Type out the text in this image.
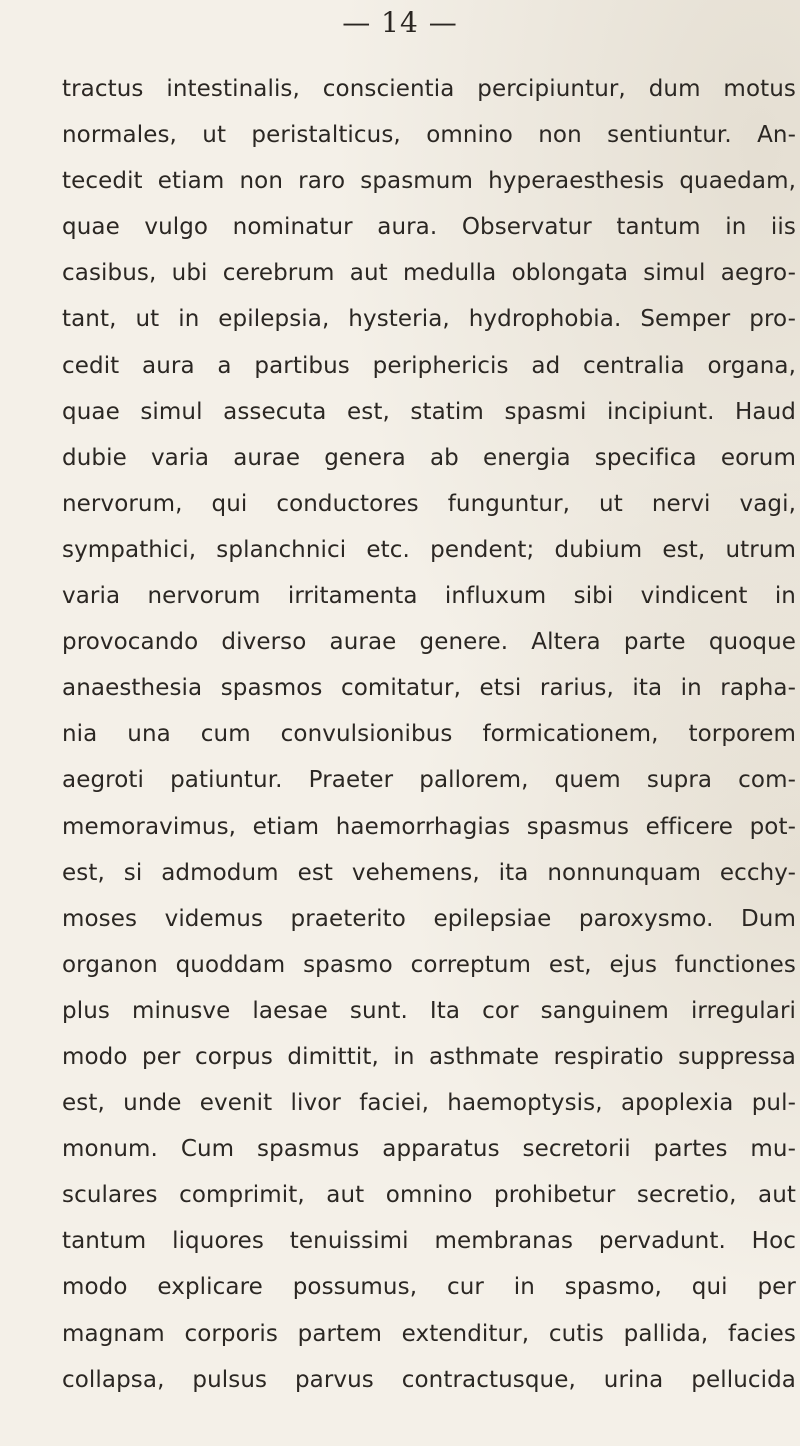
— 14 —
tractus intestinalis, conscientia percipiuntur, dum motus
normales, ut peristalticus, omnino non sentiuntur. An-
tecedit etiam non raro spasmum hyperaesthesis quaedam,
quae vulgo nominatur aura. Observatur tantum in iis
casibus, ubi cerebrum aut medulla oblongata simul aegro-
tant, ut in epilepsia, hysteria, hydrophobia. Semper pro-
cedit aura a partibus periphericis ad centralia organa,
quae simul assecuta est, statim spasmi incipiunt. Haud
dubie varia aurae genera ab energia specifica eorum
nervorum, qui conductores funguntur, ut nervi vagi,
sympathici, splanchnici etc. pendent; dubium est, utrum
varia nervorum irritamenta influxum sibi vindicent in
provocando diverso aurae genere. Altera parte quoque
anaesthesia spasmos comitatur, etsi rarius, ita in rapha-
nia una cum convulsionibus formicationem, torporem
aegroti patiuntur. Praeter pallorem, quem supra com-
memoravimus, etiam haemorrhagias spasmus efficere pot-
est, si admodum est vehemens, ita nonnunquam ecchy-
moses videmus praeterito epilepsiae paroxysmo. Dum
organon quoddam spasmo correptum est, ejus functiones
plus minusve laesae sunt. Ita cor sanguinem irregulari
modo per corpus dimittit, in asthmate respiratio suppressa
est, unde evenit livor faciei, haemoptysis, apoplexia pul-
monum. Cum spasmus apparatus secretorii partes mu-
sculares comprimit, aut omnino prohibetur secretio, aut
tantum liquores tenuissimi membranas pervadunt. Hoc
modo explicare possumus, cur in spasmo, qui per
magnam corporis partem extenditur, cutis pallida, facies
collapsa, pulsus parvus contractusque, urina pellucida
